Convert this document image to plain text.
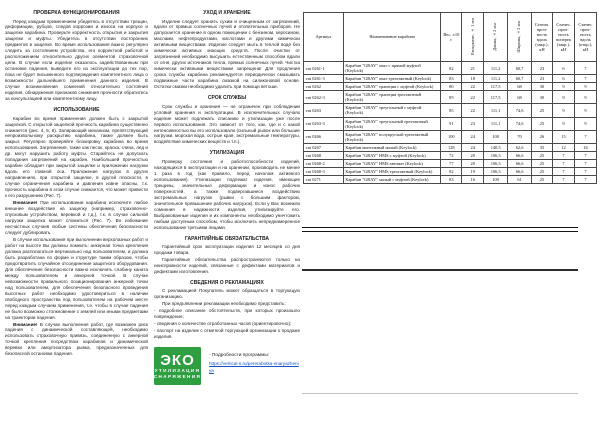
ПРОВЕРКА ФУНКЦИОНИРОВАНИЯ

Перед каждым применением убедитесь в отсутствии трещин, деформации, рубцов, следов коррозии и износа на корпусе и защелке карабина. Проверьте корректность открытия и закрытия защелки и муфты. Убедитесь в отсутствии посторонних предметов в защелке. Во время использования важно регулярно следить за состоянием устройства, его корректной работой и расположением относительно других элементов страховочной цепи. В случае если изделие оказалось задействованным при остановке падения, выведите его из эксплуатации до тех пор, пока не будет письменного подтверждения компетентного лица о возможности дальнейшего применения данного изделия. В случае возникновения сомнений относительно состояния изделия, обнаружения признаков снижения прочности обратитесь за консультацией или компетентному лицу.

ИСПОЛЬЗОВАНИЕ

Карабин во время применения должен быть с закрытой защелкой. С открытой защелкой прочность карабина существенно снижается (рис. 4, 5, 6). Запирающий механизм, препятствующий непроизвольному раскрытию карабина, также должен быть закрыт. Регулярно проверяйте блокировку карабина во время использования. Загрязнения, такие как песок, краска, глина, лед и др. могут нарушить работу муфты. Старайтесь не допускать попадания загрязнений на карабин. Наибольшей прочностью карабин обладает при закрытой защелке и приложении нагрузки вдоль его главной оси. Приложение нагрузок в других направлениях, при открытой защелке, в другой плоскости, в случае ограничения карабина и давления извне опасны, т.к. прочность карабина в этом случае снижается, что может привести к его разрушению (Рис. 7).

Внимание! При использовании карабина исключите любое внешнее воздействие на защелку (например, страховочно- спусковым устройством, веревкой и т.д.), т.к. в случае сильной нагрузки защелка может сломаться (Рис. 7). Во избежание несчастных случаев любые системы обеспечения безопасности следует дублировать.

В случае использования при выполнении верхолазных работ и работ на высоте Вы должны помнить: анкерная точка крепления должна располагаться вертикально над пользователем, и должна быть разработана по форме и структуре таким образом, чтобы предотвратить случайное отсоединение защитного оборудования. Для обеспечения безопасности важно исключить слабину каната между пользователем и анкерной точкой. В случае невозможности правильного позиционирования анкерной точки над пользователем, для обеспечения безопасного проведения высотных работ необходимо удостовериться в наличии свободного пространства под пользователем на рабочем месте перед каждым случаем применения, т.е. чтобы в случае падения не было возможно столкновение с землей или иными предметами на траектории падения.

Внимание! В случае выполнения работ, где возможен риск падения с динамической составляющей, необходимо использовать страховочную привязь, соединенную с анкерной точкой крепления посредством карабинов и динамической веревки или амортизатора рывка, предназначенных для безопасной остановки падения.

УХОД И ХРАНЕНИЕ

Изделие следует хранить сухим и очищенным от загрязнений, вдали от прямых солнечных лучей и отопительных приборов. Не допускается хранение в одном помещении с бензином, керосином, маслами, нефтепродуктами, кислотами и другими химически активными веществами. Изделие следует мыть в теплой воде без химически активных моющих средств. После очистки от загрязнений необходимо высушить естественным способом вдали от огня, других источников тепла, прямых солнечных лучей. Чистка химически активными веществами запрещена! Для продления срока службы карабина рекомендуется периодически смазывать подвижные части карабина смазкой на силиконовой основе. Остатки смазки необходимо удалить при помощи ветоши.

СРОК СЛУЖБЫ

Срок службы и хранения — не ограничен при соблюдении условий хранения и эксплуатации. В исключительных случаях изделие может подлежать списанию и утилизации уже после первого использования. Это зависит от того, как, где и с какой интенсивностью вы его использовали (сильный рывок или большие нагрузки, морская вода, острые края, экстремальные температуры, воздействие химических веществ и т.п.).

УТИЛИЗАЦИЯ

Проверку состояния и работоспособности изделий, находящихся в эксплуатации и на хранении, производить не менее 1 раза в год (как правило, перед началом активного использования). Утилизации подлежат изделия, имеющие трещины, значительные деформации и износ рабочих поверхностей, а также подвергавшиеся воздействию экстремальных нагрузок (рывки с большим фактором, значительное превышение рабочих нагрузок). Если у Вас возникли сомнения в надежности изделия, утилизируйте его. Выбракованные изделия и их компоненты необходимо уничтожить любым доступным способом, чтобы исключить непреднамеренное использование третьими лицами.

ГАРАНТИЙНЫЕ ОБЯЗАТЕЛЬСТВА

Гарантийный срок эксплуатации изделия 12 месяцев со дня продажи товара.

Гарантийные обязательства распространяются только на неисправности изделий, связанные с дефектами материалов и дефектами изготовления.

СВЕДЕНИЯ О РЕКЛАМАЦИЯХ

С рекламацией Покупатель может обращаться в торгующую организацию.

При предъявлении рекламации необходимо представить:

- подробное описание обстоятельств, при которых произошло повреждение;

- сведения о количестве отработанных часов (ориентировочно);

- паспорт на изделие с отметкой торгующей организации о продаже изделия.

ЭКО
УТИЛИЗАЦИЯ
СНАРЯЖЕНИЯ
- Подробности программы:
https://vertical-s.ru/pererabotka-snaryazheniya
Артикул	Наименование карабина	Вес, ±10 г	Раскрытие, ± 1 мм	Длина, ±2 мм	Ширина, ±2 мм	Статич. проч-ность вдоль (закр.), кН	Статич. проч-ность поперек (закр.), кН	Статич. проч-ность вдоль (откр.), кН
vnt 0261-1	Карабин "GRAY" овал с прямой муфтой (Keylock)	82	21	111,2	60,7	23	6	7
vnt 0261-3	Карабин "GRAY" овал трехтактный (Keylock)	83	18	111,2	60,7	23	6	7
vnt 0262	Карабин "GRAY" трапеция с муфтой (Keylock)	80	22	117,5	68	30	9	9
vnt 0262-3	Карабин "GRAY" трапеция трехтактный (Keylock)	85	22	117,5	68	30	9	9
vnt 0263	Карабин "GRAY" треугольный с муфтой (Keylock)	85	22	111,1	74,6	25	9	9
vnt 0263-3	Карабин "GRAY" треугольный трехтактный (Keylock)	91	23	111,1	74,6	25	9	9
vnt 0266	Карабин "GRAY" полукруглый трехтактный (Keylock)	100	24	100	70	26	15	7
vnt 0267	Карабин монтажный малый (Keylock)	128	24	140,3	62,6	35	12	16
vnt 0268	Карабин "GRAY" HMS с муфтой (Keylock)	72	20	106,3	66,6	25	7	7
vnt 0268-2	Карабин "GRAY" HMS автомат (Keylock)	77	20	106,3	66,6	25	7	7
vnt 0268-3	Карабин "GRAY" HMS трехтактный (Keylock)	82	19	106,3	66,6	25	7	7
vnt 0271	Карабин "GRAY" малый с муфтой (Keylock)	83	16	100	61	25	7	7
